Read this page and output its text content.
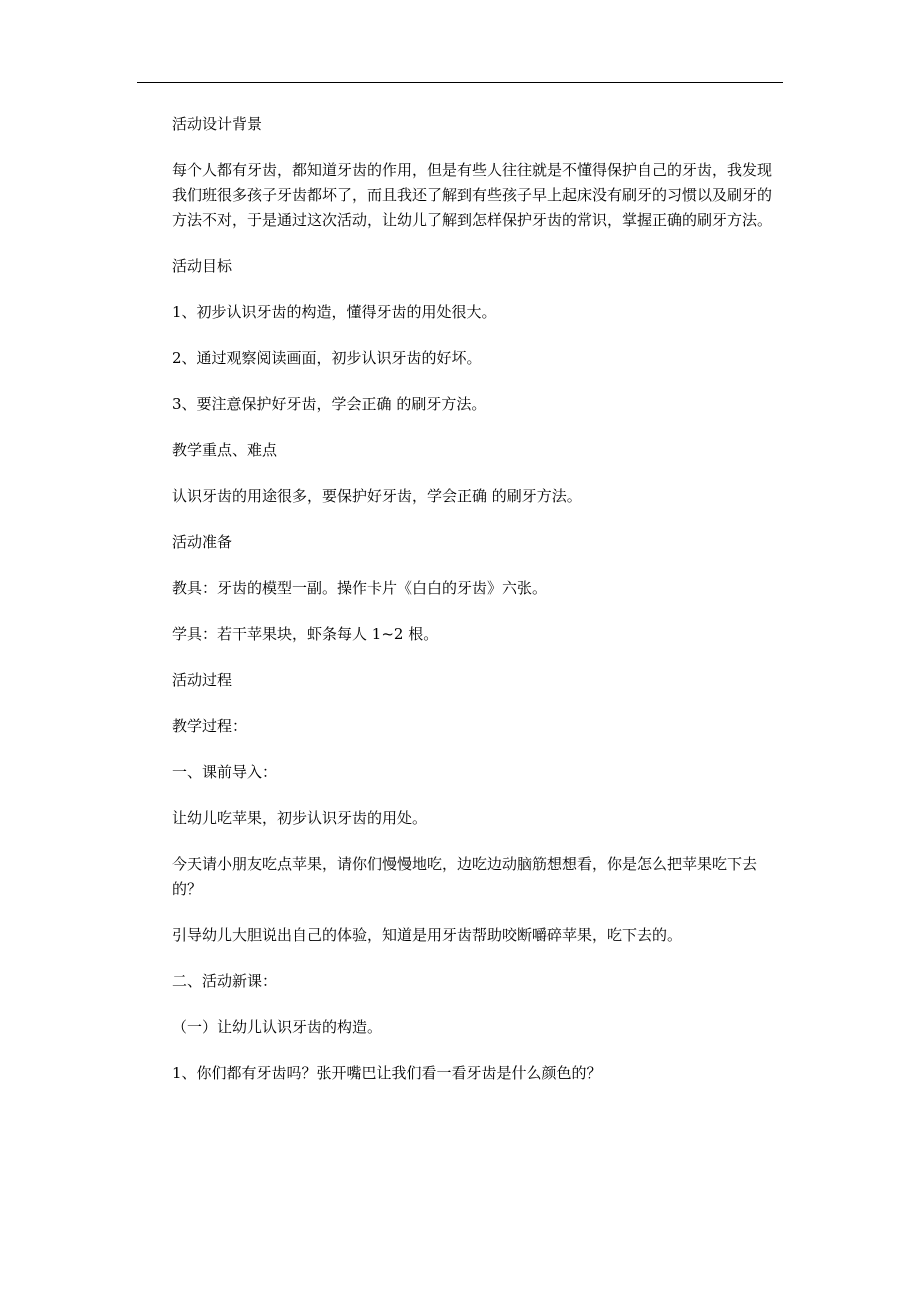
活动设计背景

每个人都有牙齿，都知道牙齿的作用，但是有些人往往就是不懂得保护自己的牙齿，我发现我们班很多孩子牙齿都坏了，而且我还了解到有些孩子早上起床没有刷牙的习惯以及刷牙的方法不对，于是通过这次活动，让幼儿了解到怎样保护牙齿的常识，掌握正确的刷牙方法。

活动目标

1、初步认识牙齿的构造，懂得牙齿的用处很大。

2、通过观察阅读画面，初步认识牙齿的好坏。

3、要注意保护好牙齿，学会正确 的刷牙方法。

教学重点、难点

认识牙齿的用途很多，要保护好牙齿，学会正确 的刷牙方法。

活动准备

教具：牙齿的模型一副。操作卡片《白白的牙齿》六张。

学具：若干苹果块，虾条每人 1~2 根。

活动过程

教学过程：

一、课前导入：

让幼儿吃苹果，初步认识牙齿的用处。

今天请小朋友吃点苹果，请你们慢慢地吃，边吃边动脑筋想想看，你是怎么把苹果吃下去的？

引导幼儿大胆说出自己的体验，知道是用牙齿帮助咬断嚼碎苹果，吃下去的。

二、活动新课：

（一）让幼儿认识牙齿的构造。

1、你们都有牙齿吗？张开嘴巴让我们看一看牙齿是什么颜色的？
